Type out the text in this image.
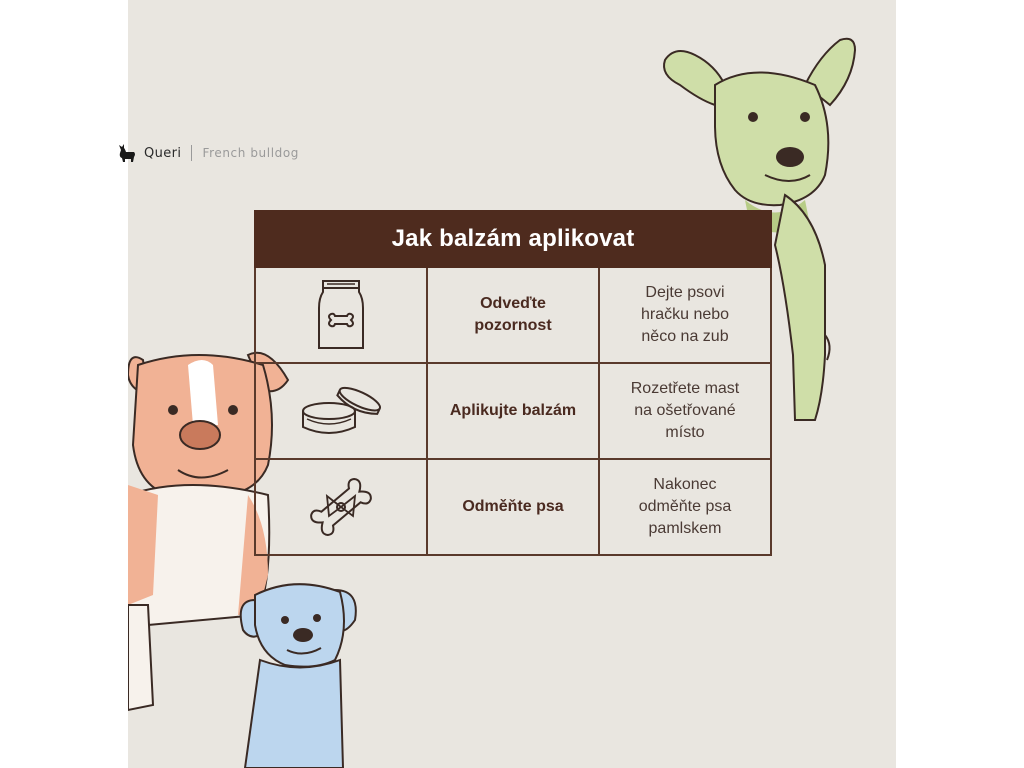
Queri French bulldog
Jak balzám aplikovat
Odveďte
pozornost
Dejte psovi
hračku nebo
něco na zub
Aplikujte balzám
Rozetřete mast
na ošetřované
místo
Odměňte psa
Nakonec
odměňte psa
pamlskem
